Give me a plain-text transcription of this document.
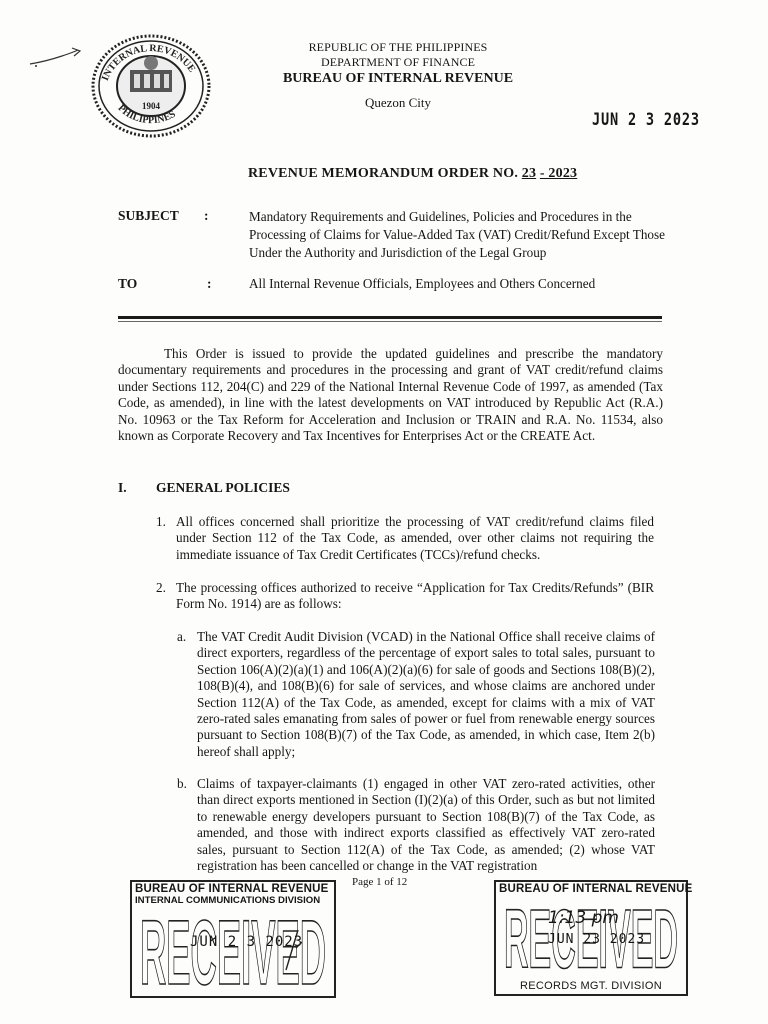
INTERNAL REVENUE
PHILIPPINES
1904
REPUBLIC OF THE PHILIPPINES
DEPARTMENT OF FINANCE
BUREAU OF INTERNAL REVENUE
Quezon City
JUN 2 3 2023
REVENUE MEMORANDUM ORDER NO. 23 - 2023
SUBJECT :	Mandatory Requirements and Guidelines, Policies and Procedures in the Processing of Claims for Value-Added Tax (VAT) Credit/Refund Except Those Under the Authority and Jurisdiction of the Legal Group
TO	:	All Internal Revenue Officials, Employees and Others Concerned
This Order is issued to provide the updated guidelines and prescribe the mandatory documentary requirements and procedures in the processing and grant of VAT credit/refund claims under Sections 112, 204(C) and 229 of the National Internal Revenue Code of 1997, as amended (Tax Code, as amended), in line with the latest developments on VAT introduced by Republic Act (R.A.) No. 10963 or the Tax Reform for Acceleration and Inclusion or TRAIN and R.A. No. 11534, also known as Corporate Recovery and Tax Incentives for Enterprises Act or the CREATE Act.
I. GENERAL POLICIES
1. All offices concerned shall prioritize the processing of VAT credit/refund claims filed under Section 112 of the Tax Code, as amended, over other claims not requiring the immediate issuance of Tax Credit Certificates (TCCs)/refund checks.
2. The processing offices authorized to receive “Application for Tax Credits/Refunds” (BIR Form No. 1914) are as follows:
a. The VAT Credit Audit Division (VCAD) in the National Office shall receive claims of direct exporters, regardless of the percentage of export sales to total sales, pursuant to Section 106(A)(2)(a)(1) and 106(A)(2)(a)(6) for sale of goods and Sections 108(B)(2), 108(B)(4), and 108(B)(6) for sale of services, and whose claims are anchored under Section 112(A) of the Tax Code, as amended, except for claims with a mix of VAT zero-rated sales emanating from sales of power or fuel from renewable energy sources pursuant to Section 108(B)(7) of the Tax Code, as amended, in which case, Item 2(b) hereof shall apply;
b. Claims of taxpayer-claimants (1) engaged in other VAT zero-rated activities, other than direct exports mentioned in Section (I)(2)(a) of this Order, such as but not limited to renewable energy developers pursuant to Section 108(B)(7) of the Tax Code, as amended, and those with indirect exports classified as effectively VAT zero-rated sales, pursuant to Section 112(A) of the Tax Code, as amended; (2) whose VAT registration has been cancelled or change in the VAT registration
Page 1 of 12
BUREAU OF INTERNAL REVENUE
INTERNAL COMMUNICATIONS DIVISION
RECEIVED
JUN 2 3 2023
BUREAU OF INTERNAL REVENUE
RECEIVED
1:13 pm
JUN 23 2023
RECORDS MGT. DIVISION
